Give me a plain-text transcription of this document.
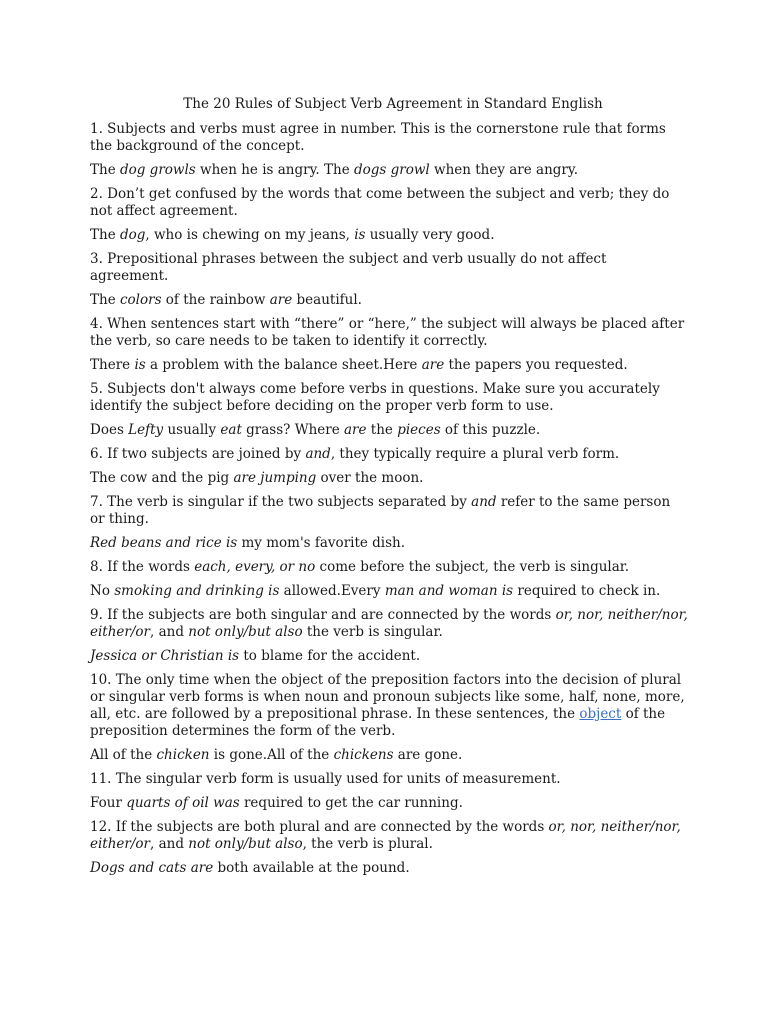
The 20 Rules of Subject Verb Agreement in Standard English

1. Subjects and verbs must agree in number. This is the cornerstone rule that forms the background of the concept.

The dog growls when he is angry. The dogs growl when they are angry.

2. Don’t get confused by the words that come between the subject and verb; they do not affect agreement.

The dog, who is chewing on my jeans, is usually very good.

3. Prepositional phrases between the subject and verb usually do not affect agreement.

The colors of the rainbow are beautiful.

4. When sentences start with “there” or “here,” the subject will always be placed after the verb, so care needs to be taken to identify it correctly.

There is a problem with the balance sheet.Here are the papers you requested.

5. Subjects don't always come before verbs in questions. Make sure you accurately identify the subject before deciding on the proper verb form to use.

Does Lefty usually eat grass? Where are the pieces of this puzzle.

6. If two subjects are joined by and, they typically require a plural verb form.

The cow and the pig are jumping over the moon.

7. The verb is singular if the two subjects separated by and refer to the same person or thing.

Red beans and rice is my mom's favorite dish.

8. If the words each, every, or no come before the subject, the verb is singular.

No smoking and drinking is allowed.Every man and woman is required to check in.

9. If the subjects are both singular and are connected by the words or, nor, neither/nor, either/or, and not only/but also the verb is singular.

Jessica or Christian is to blame for the accident.

10. The only time when the object of the preposition factors into the decision of plural or singular verb forms is when noun and pronoun subjects like some, half, none, more, all, etc. are followed by a prepositional phrase. In these sentences, the object of the preposition determines the form of the verb.

All of the chicken is gone.All of the chickens are gone.

11. The singular verb form is usually used for units of measurement.

Four quarts of oil was required to get the car running.

12. If the subjects are both plural and are connected by the words or, nor, neither/nor, either/or, and not only/but also, the verb is plural.

Dogs and cats are both available at the pound.
